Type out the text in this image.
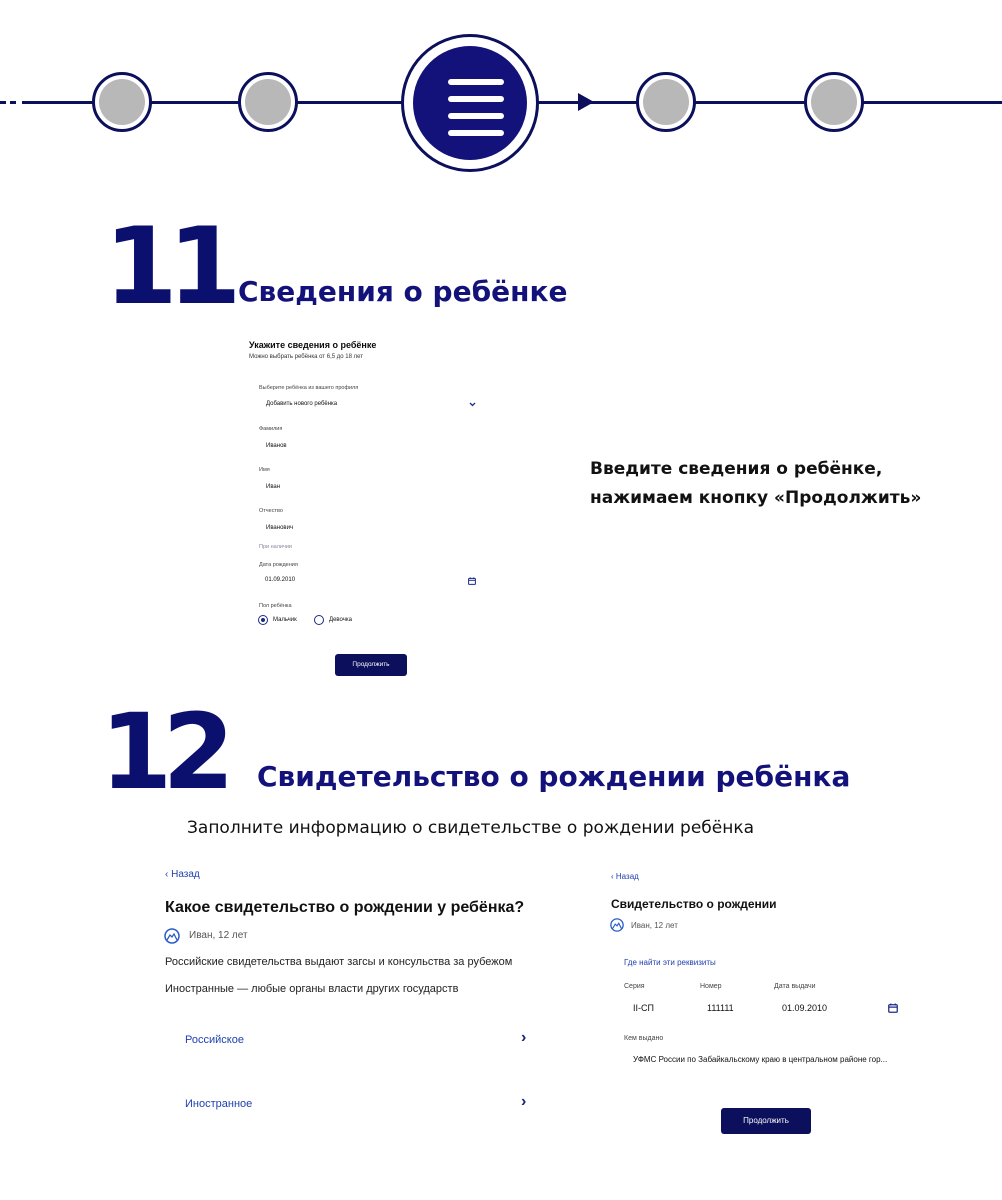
11 Сведения о ребёнке
Укажите сведения о ребёнке
Можно выбрать ребёнка от 6,5 до 18 лет
Выберите ребёнка из вашего профиля
Добавить нового ребёнка
Фамилия
Иванов
Имя
Иван
Отчество
Иванович
При наличии
Дата рождения
01.09.2010
Пол ребёнка
Мальчик	Девочка
Продолжить
Введите сведения о ребёнке,
нажимаем кнопку «Продолжить»
12 Свидетельство о рождении ребёнка
Заполните информацию о свидетельстве о рождении ребёнка
‹ Назад
Какое свидетельство о рождении у ребёнка?
Иван, 12 лет
Российские свидетельства выдают загсы и консульства за рубежом
Иностранные — любые органы власти других государств
Российское	›
Иностранное	›
‹ Назад
Свидетельство о рождении
Иван, 12 лет
Где найти эти реквизиты
Серия	Номер	Дата выдачи
II-СП	111111	01.09.2010
Кем выдано
УФМС России по Забайкальскому краю в центральном районе гор...
Продолжить
